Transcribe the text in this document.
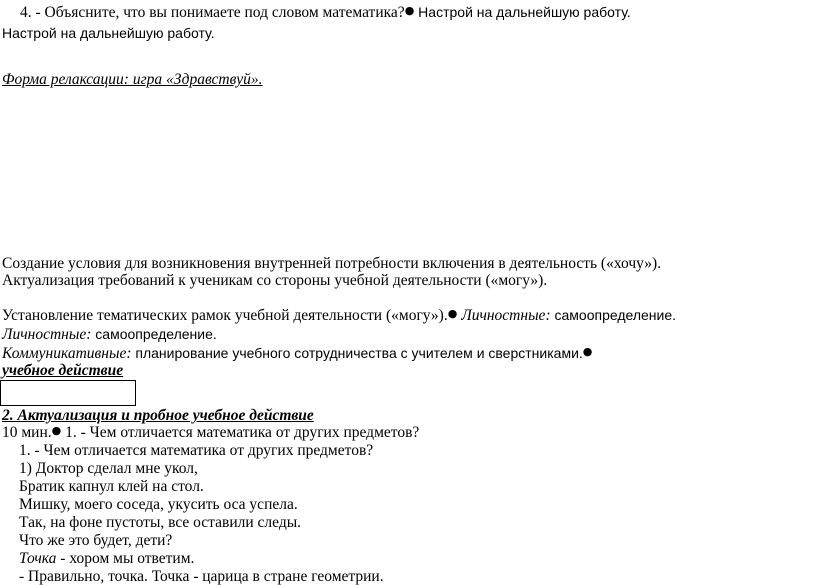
4. - Объясните, что вы понимаете под словом математика?● Настрой на дальнейшую работу.
Настрой на дальнейшую работу.
Форма релаксации: игра «Здравствуй».
Создание условия для возникновения внутренней потребности включения в деятельность («хочу»).
Актуализация требований к ученикам со стороны учебной деятельности («могу»).
Установление тематических рамок учебной деятельности («могу»).● Личностные: самоопределение.
Личностные: самоопределение.
Коммуникативные: планирование учебного сотрудничества с учителем и сверстниками.●
учебное действие
2. Актуализация и пробное учебное действие
10 мин.● 1. - Чем отличается математика от других предметов?
1. - Чем отличается математика от других предметов?
1) Доктор сделал мне укол,
Братик капнул клей на стол.
Мишку, моего соседа, укусить оса успела.
Так, на фоне пустоты, все оставили следы.
Что же это будет, дети?
Точка - хором мы ответим.
- Правильно, точка. Точка - царица в стране геометрии.
